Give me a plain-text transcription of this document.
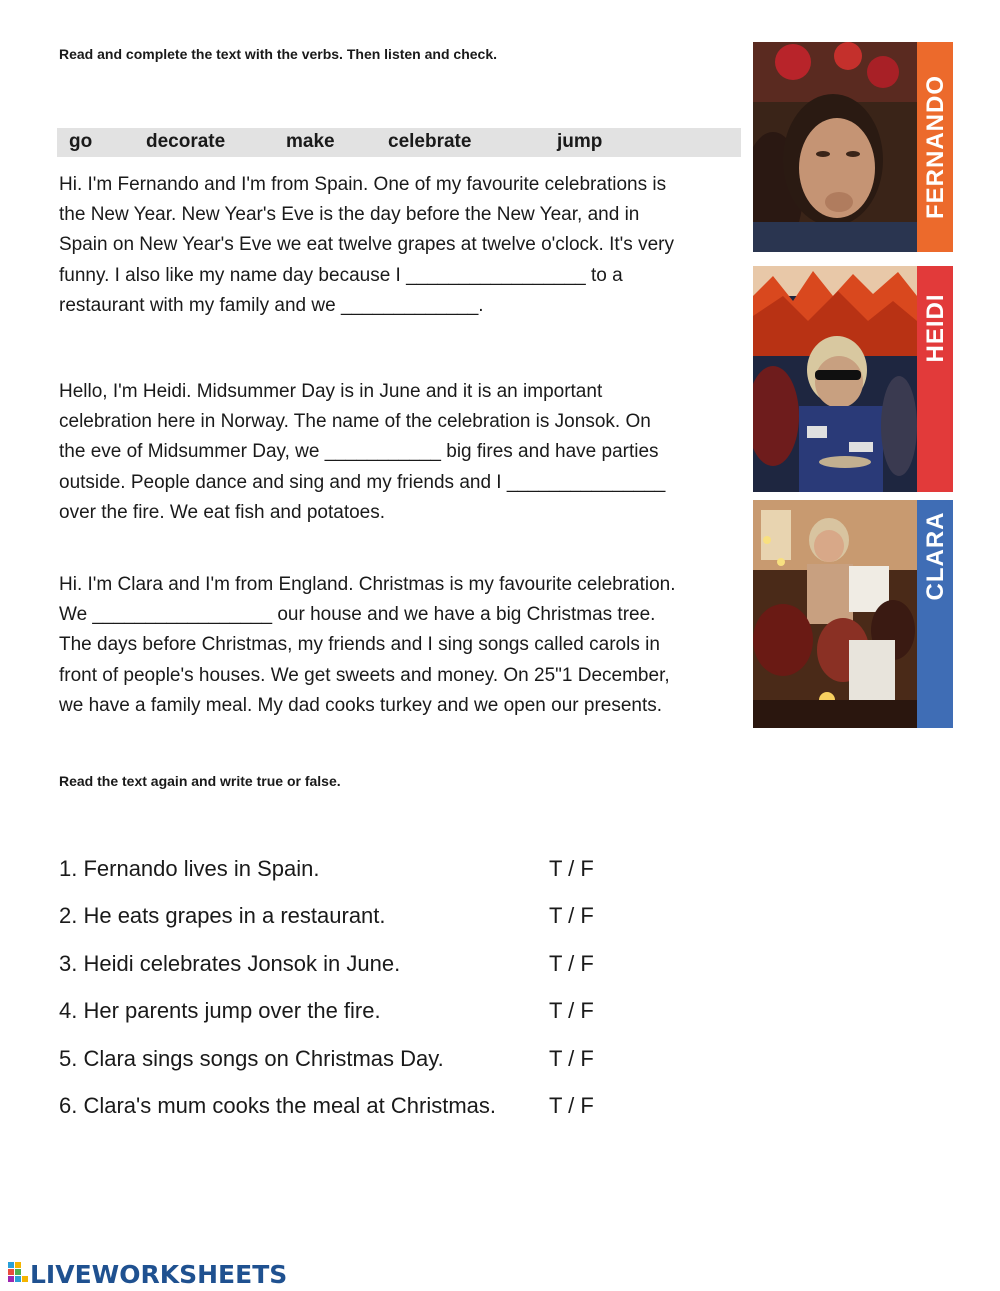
Read and complete the text with the verbs. Then listen and check.
go	decorate	make	celebrate	jump
Hi. I'm Fernando and I'm from Spain. One of my favourite celebrations is
the New Year. New Year's Eve is the day before the New Year, and in
Spain on New Year's Eve we eat twelve grapes at twelve o'clock. It's very
funny. I also like my name day because I _________________ to a
restaurant with my family and we _____________.
Hello, I'm Heidi. Midsummer Day is in June and it is an important
celebration here in Norway. The name of the celebration is Jonsok. On
the eve of Midsummer Day, we ___________ big fires and have parties
outside. People dance and sing and my friends and I _______________
over the fire. We eat fish and potatoes.
Hi. I'm Clara and I'm from England. Christmas is my favourite celebration.
We _________________ our house and we have a big Christmas tree.
The days before Christmas, my friends and I sing songs called carols in
front of people's houses. We get sweets and money. On 25"1 December,
we have a family meal. My dad cooks turkey and we open our presents.
FERNANDO
HEIDI
CLARA
Read the text again and write true or false.
1. Fernando lives in Spain.	T / F
2. He eats grapes in a restaurant.	T / F
3. Heidi celebrates Jonsok in June.	T / F
4. Her parents jump over the fire.	T / F
5. Clara sings songs on Christmas Day.	T / F
6. Clara's mum cooks the meal at Christmas. T / F
LIVEWORKSHEETS
